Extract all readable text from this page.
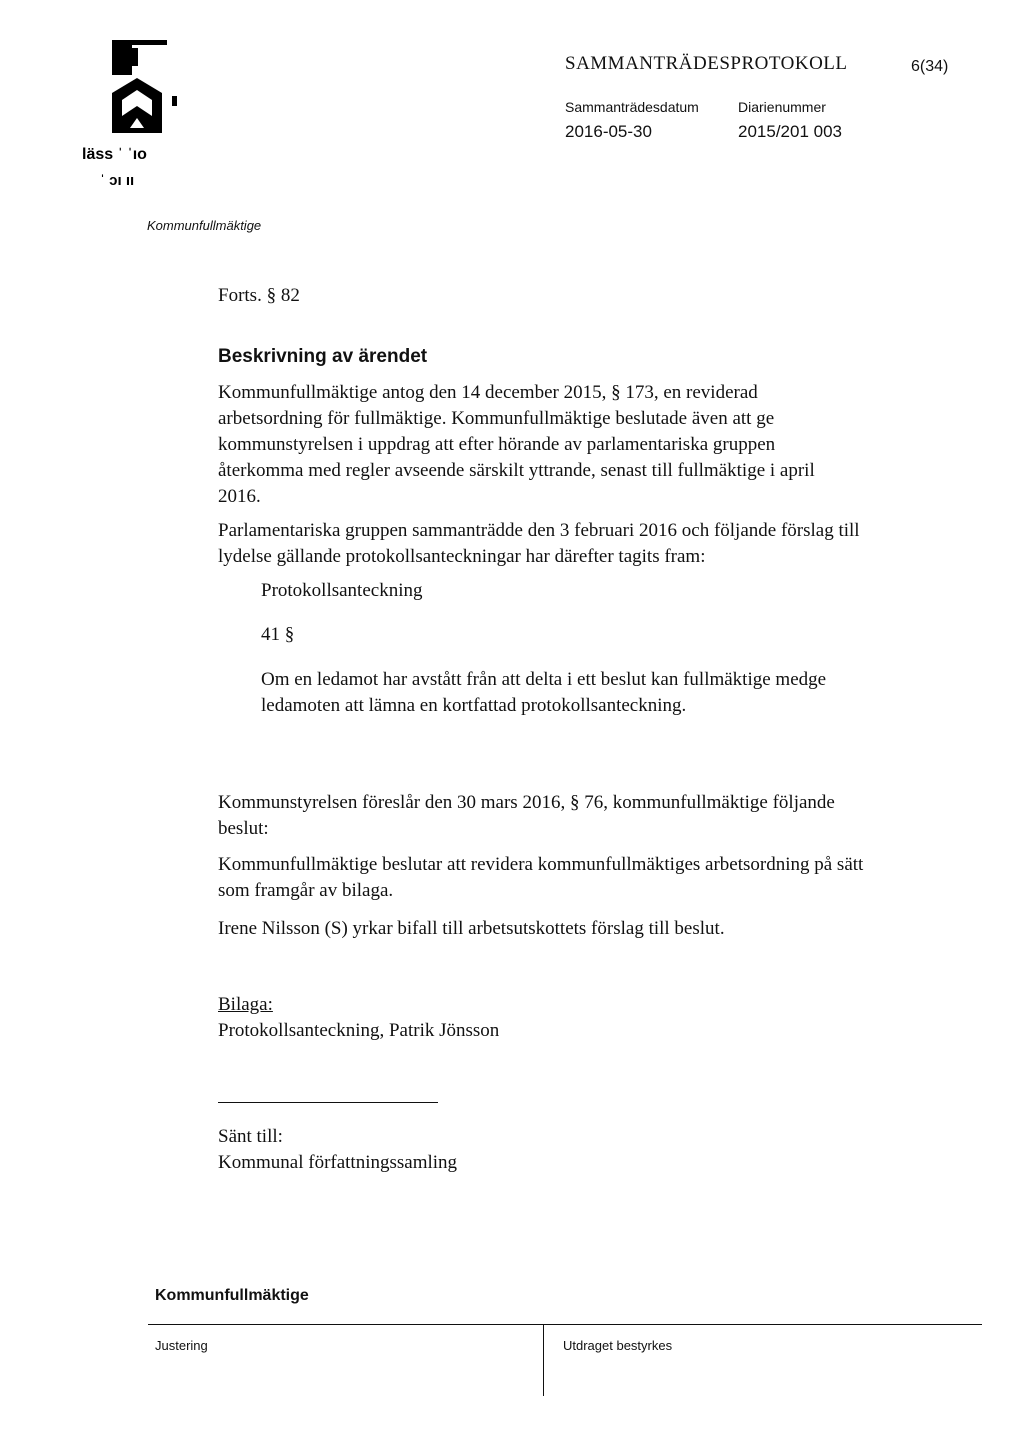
läss ˈ ˈıo
ˈ ɔı ıı
SAMMANTRÄDESPROTOKOLL	6(34)
Sammanträdesdatum
2016-05-30
Diarienummer
2015/201 003
Kommunfullmäktige
Forts. § 82
Beskrivning av ärendet
Kommunfullmäktige antog den 14 december 2015, § 173, en reviderad arbetsordning för fullmäktige. Kommunfullmäktige beslutade även att ge kommunstyrelsen i uppdrag att efter hörande av parlamentariska gruppen återkomma med regler avseende särskilt yttrande, senast till fullmäktige i april 2016.
Parlamentariska gruppen sammanträdde den 3 februari 2016 och följande förslag till lydelse gällande protokollsanteckningar har därefter tagits fram:
Protokollsanteckning
41 §
Om en ledamot har avstått från att delta i ett beslut kan fullmäktige medge ledamoten att lämna en kortfattad protokollsanteckning.
Kommunstyrelsen föreslår den 30 mars 2016, § 76, kommunfullmäktige följande beslut:
Kommunfullmäktige beslutar att revidera kommunfullmäktiges arbetsordning på sätt som framgår av bilaga.
Irene Nilsson (S) yrkar bifall till arbetsutskottets förslag till beslut.
Bilaga:
Protokollsanteckning, Patrik Jönsson
Sänt till:
Kommunal författningssamling
Kommunfullmäktige
Justering	Utdraget bestyrkes
